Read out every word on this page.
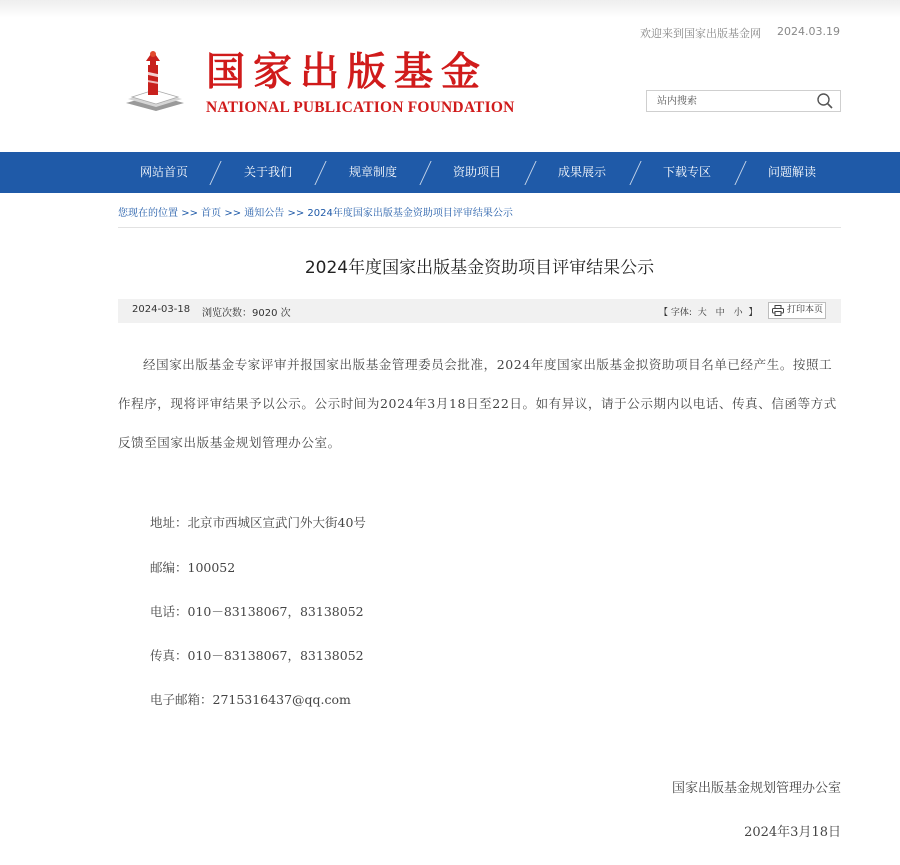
欢迎来到国家出版基金网 2024.03.19
国家出版基金
NATIONAL PUBLICATION FOUNDATION
站内搜索
网站首页	关于我们	规章制度	资助项目	成果展示	下载专区	问题解读
您现在的位置 >> 首页 >> 通知公告 >> 2024年度国家出版基金资助项目评审结果公示
2024年度国家出版基金资助项目评审结果公示
2024-03-18 浏览次数：9020 次	【 字体: 大 中 小 】	打印本页
经国家出版基金专家评审并报国家出版基金管理委员会批准，2024年度国家出版基金拟资助项目名单已经产生。按照工作程序，现将评审结果予以公示。公示时间为2024年3月18日至22日。如有异议，请于公示期内以电话、传真、信函等方式反馈至国家出版基金规划管理办公室。
地址：北京市西城区宣武门外大街40号
邮编：100052
电话：010－83138067，83138052
传真：010－83138067，83138052
电子邮箱：2715316437@qq.com
国家出版基金规划管理办公室
2024年3月18日
